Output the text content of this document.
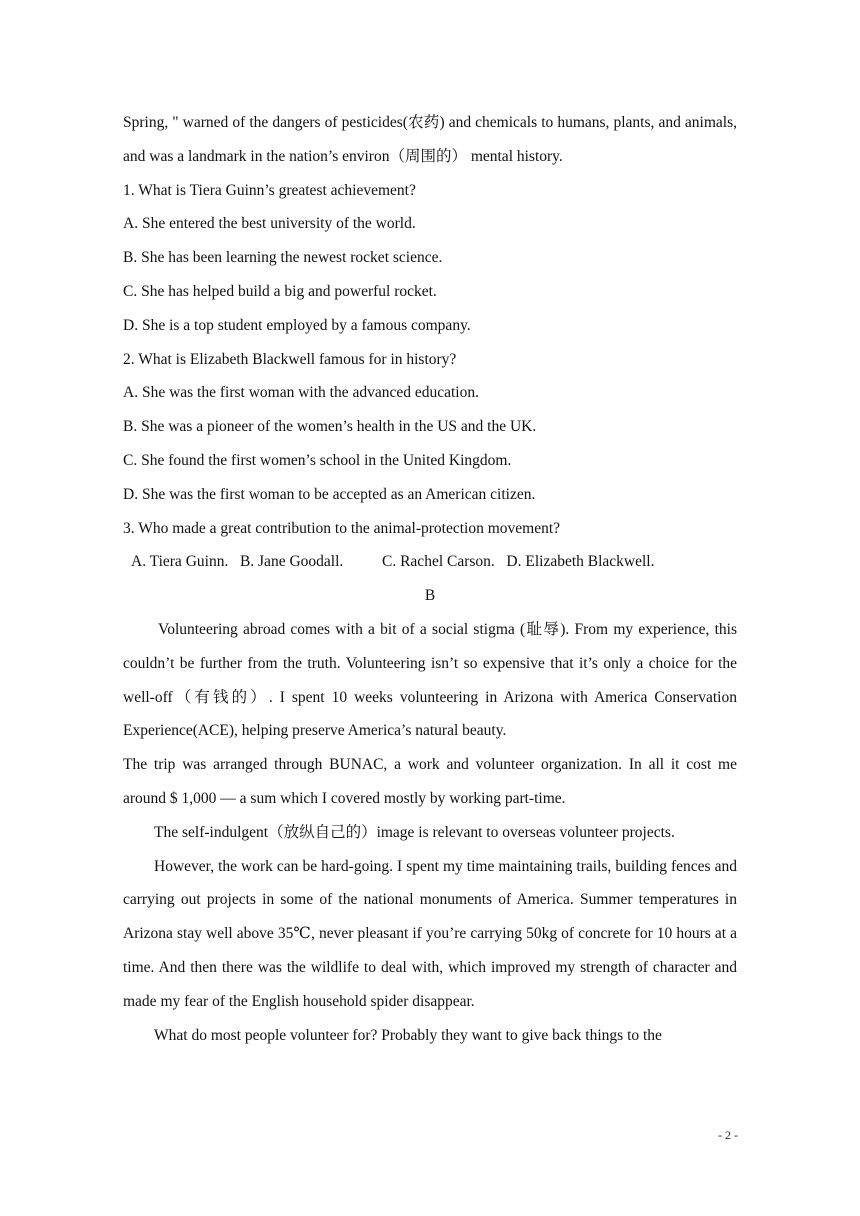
Spring, " warned of the dangers of pesticides(农药) and chemicals to humans, plants, and animals, and was a landmark in the nation’s environ（周围的） mental history.

1. What is Tiera Guinn’s greatest achievement?
A. She entered the best university of the world.
B. She has been learning the newest rocket science.
C. She has helped build a big and powerful rocket.
D. She is a top student employed by a famous company.
2. What is Elizabeth Blackwell famous for in history?
A. She was the first woman with the advanced education.
B. She was a pioneer of the women’s health in the US and the UK.
C. She found the first women’s school in the United Kingdom.
D. She was the first woman to be accepted as an American citizen.
3. Who made a great contribution to the animal-protection movement?
A. Tiera Guinn.   B. Jane Goodall.          C. Rachel Carson.   D. Elizabeth Blackwell.
B

Volunteering abroad comes with a bit of a social stigma (耻辱). From my experience, this couldn’t be further from the truth. Volunteering isn’t so expensive that it’s only a choice for the well-off（有钱的）. I spent 10 weeks volunteering in Arizona with America Conservation Experience(ACE), helping preserve America’s natural beauty.

The trip was arranged through BUNAC, a work and volunteer organization. In all it cost me around $ 1,000 — a sum which I covered mostly by working part-time.

The self-indulgent（放纵自己的）image is relevant to overseas volunteer projects.

However, the work can be hard-going. I spent my time maintaining trails, building fences and carrying out projects in some of the national monuments of America. Summer temperatures in Arizona stay well above 35℃, never pleasant if you’re carrying 50kg of concrete for 10 hours at a time. And then there was the wildlife to deal with, which improved my strength of character and made my fear of the English household spider disappear.

What do most people volunteer for? Probably they want to give back things to the

- 2 -
